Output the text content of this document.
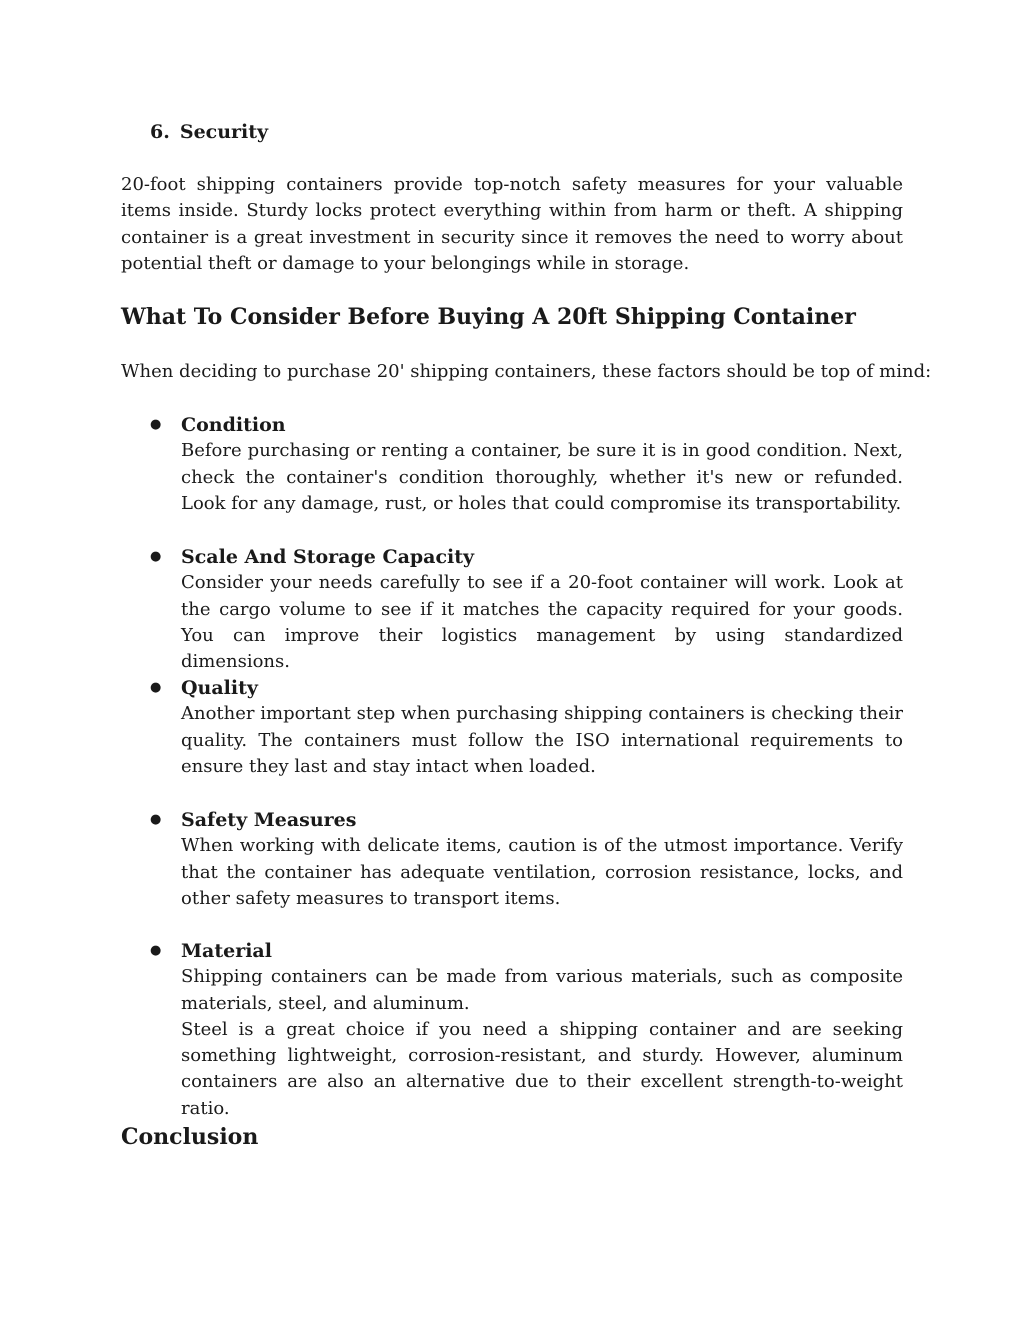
6. Security
20-foot shipping containers provide top-notch safety measures for your valuable items inside. Sturdy locks protect everything within from harm or theft. A shipping container is a great investment in security since it removes the need to worry about potential theft or damage to your belongings while in storage.
What To Consider Before Buying A 20ft Shipping Container
When deciding to purchase 20' shipping containers, these factors should be top of mind:
● Condition
Before purchasing or renting a container, be sure it is in good condition. Next, check the container's condition thoroughly, whether it's new or refunded. Look for any damage, rust, or holes that could compromise its transportability.
● Scale And Storage Capacity
Consider your needs carefully to see if a 20-foot container will work. Look at the cargo volume to see if it matches the capacity required for your goods. You can improve their logistics management by using standardized dimensions.
● Quality
Another important step when purchasing shipping containers is checking their quality. The containers must follow the ISO international requirements to ensure they last and stay intact when loaded.
● Safety Measures
When working with delicate items, caution is of the utmost importance. Verify that the container has adequate ventilation, corrosion resistance, locks, and other safety measures to transport items.
● Material
Shipping containers can be made from various materials, such as composite materials, steel, and aluminum.
Steel is a great choice if you need a shipping container and are seeking something lightweight, corrosion-resistant, and sturdy. However, aluminum containers are also an alternative due to their excellent strength-to-weight ratio.
Conclusion
